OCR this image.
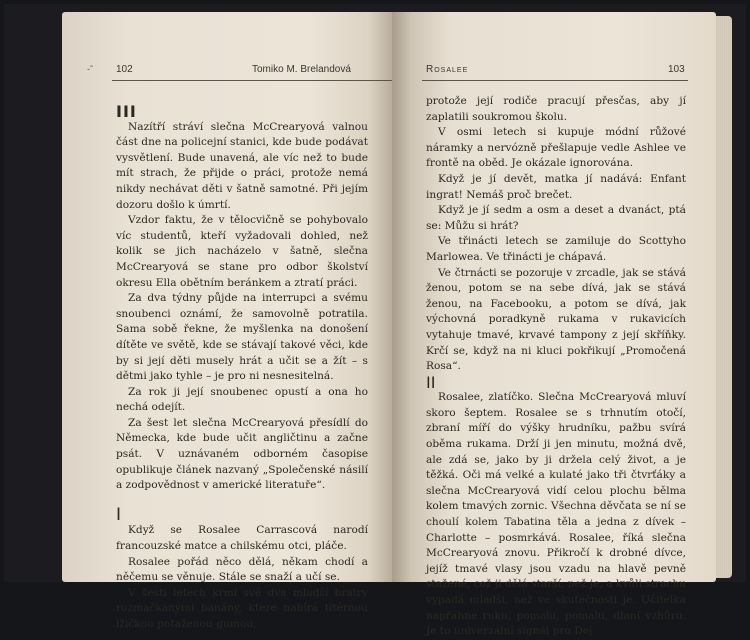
102	Tomiko M. Brelandová

III

Nazítří stráví slečna McCrearyová valnou část dne na policejní stanici, kde bude podávat vysvětlení. Bude unavená, ale víc než to bude mít strach, že přijde o práci, protože nemá nikdy nechávat děti v šatně samotné. Při jejím dozoru došlo k úmrtí.

Vzdor faktu, že v tělocvičně se pohybovalo víc studentů, kteří vyžadovali dohled, než kolik se jich nacházelo v šatně, slečna McCrearyová se stane pro odbor školství okresu Ella obětním beránkem a ztratí práci.

Za dva týdny půjde na interrupci a svému snoubenci oznámí, že samovolně potratila. Sama sobě řekne, že myšlenka na donošení dítěte ve světě, kde se stávají takové věci, kde by si její děti musely hrát a učit se a žít – s dětmi jako tyhle – je pro ni nesnesitelná.

Za rok ji její snoubenec opustí a ona ho nechá odejít.

Za šest let slečna McCrearyová přesídlí do Německa, kde bude učit angličtinu a začne psát. V uznávaném odborném časopise opublikuje článek nazvaný „Společenské násilí a zodpovědnost v americké literatuře“.

I

Když se Rosalee Carrascová narodí francouzské matce a chilskému otci, pláče.

Rosalee pořád něco dělá, někam chodí a něčemu se věnuje. Stále se snaží a učí se.

V šesti letech krmí své dva mladší bratry rozmačkanými banány, které nabírá titěrnou lžičkou potaženou gumou,

‑˜	Rosalee	103

protože její rodiče pracují přesčas, aby jí zaplatili soukromou školu.

V osmi letech si kupuje módní růžové náramky a nervózně přešlapuje vedle Ashlee ve frontě na oběd. Je okázale ignorována.

Když je jí devět, matka jí nadává: Enfant ingrat! Nemáš proč brečet.

Když je jí sedm a osm a deset a dvanáct, ptá se: Můžu si hrát?

Ve třinácti letech se zamiluje do Scottyho Marlowea. Ve třinácti je chápavá.

Ve čtrnácti se pozoruje v zrcadle, jak se stává ženou, potom se na sebe dívá, jak se stává ženou, na Facebooku, a potom se dívá, jak výchovná poradkyně rukama v rukavicích vytahuje tmavé, krvavé tampony z její skříňky. Krčí se, když na ni kluci pokřikují „Promočená Rosa“.

II

Rosalee, zlatíčko. Slečna McCrearyová mluví skoro šeptem. Rosalee se s trhnutím otočí, zbraní míří do výšky hrudníku, pažbu svírá oběma rukama. Drží ji jen minutu, možná dvě, ale zdá se, jako by ji držela celý život, a je těžká. Oči má velké a kulaté jako tři čtvrťáky a slečna McCrearyová vidí celou plochu bělma kolem tmavých zornic. Všechna děvčata se ní se choulí kolem Tabatina těla a jedna z dívek – Charlotte – posmrkává. Rosalee, říká slečna McCrearyová znovu. Přikročí k drobné dívce, jejíž tmavé vlasy jsou vzadu na hlavě pevně stažené, což ji dělá starší, než je, a kvůli strachu vypadá mladší, než ve skutečnosti je. Učitelka napřáhne ruku, pomalu, pomalu, dlaní vzhůru. Je to univerzální signál pro Dej
